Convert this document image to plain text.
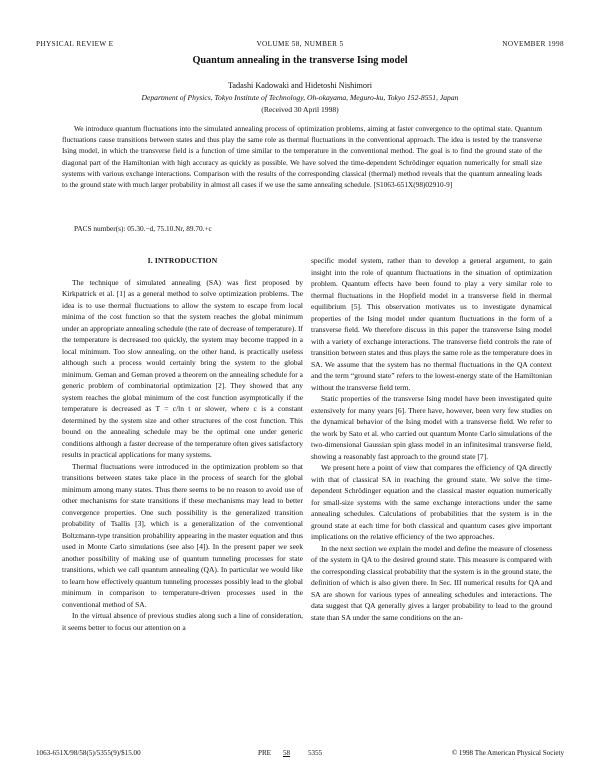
PHYSICAL REVIEW E	VOLUME 58, NUMBER 5	NOVEMBER 1998
Quantum annealing in the transverse Ising model
Tadashi Kadowaki and Hidetoshi Nishimori
Department of Physics, Tokyo Institute of Technology, Oh-okayama, Meguro-ku, Tokyo 152-8551, Japan
(Received 30 April 1998)
We introduce quantum fluctuations into the simulated annealing process of optimization problems, aiming at faster convergence to the optimal state. Quantum fluctuations cause transitions between states and thus play the same role as thermal fluctuations in the conventional approach. The idea is tested by the transverse Ising model, in which the transverse field is a function of time similar to the temperature in the conventional method. The goal is to find the ground state of the diagonal part of the Hamiltonian with high accuracy as quickly as possible. We have solved the time-dependent Schrödinger equation numerically for small size systems with various exchange interactions. Comparison with the results of the corresponding classical (thermal) method reveals that the quantum annealing leads to the ground state with much larger probability in almost all cases if we use the same annealing schedule. [S1063-651X(98)02910-9]
PACS number(s): 05.30.−d, 75.10.Nr, 89.70.+c
I. INTRODUCTION

The technique of simulated annealing (SA) was first proposed by Kirkpatrick et al. [1] as a general method to solve optimization problems. The idea is to use thermal fluctuations to allow the system to escape from local minima of the cost function so that the system reaches the global minimum under an appropriate annealing schedule (the rate of decrease of temperature). If the temperature is decreased too quickly, the system may become trapped in a local minimum. Too slow annealing, on the other hand, is practically useless although such a process would certainly bring the system to the global minimum. Geman and Geman proved a theorem on the annealing schedule for a generic problem of combinatorial optimization [2]. They showed that any system reaches the global minimum of the cost function asymptotically if the temperature is decreased as T = c/ln t or slower, where c is a constant determined by the system size and other structures of the cost function. This bound on the annealing schedule may be the optimal one under generic conditions although a faster decrease of the temperature often gives satisfactory results in practical applications for many systems.

Thermal fluctuations were introduced in the optimization problem so that transitions between states take place in the process of search for the global minimum among many states. Thus there seems to be no reason to avoid use of other mechanisms for state transitions if these mechanisms may lead to better convergence properties. One such possibility is the generalized transition probability of Tsallis [3], which is a generalization of the conventional Boltzmann-type transition probability appearing in the master equation and thus used in Monte Carlo simulations (see also [4]). In the present paper we seek another possibility of making use of quantum tunneling processes for state transitions, which we call quantum annealing (QA). In particular we would like to learn how effectively quantum tunneling processes possibly lead to the global minimum in comparison to temperature-driven processes used in the conventional method of SA.

In the virtual absence of previous studies along such a line of consideration, it seems better to focus our attention on a

specific model system, rather than to develop a general argument, to gain insight into the role of quantum fluctuations in the situation of optimization problem. Quantum effects have been found to play a very similar role to thermal fluctuations in the Hopfield model in a transverse field in thermal equilibrium [5]. This observation motivates us to investigate dynamical properties of the Ising model under quantum fluctuations in the form of a transverse field. We therefore discuss in this paper the transverse Ising model with a variety of exchange interactions. The transverse field controls the rate of transition between states and thus plays the same role as the temperature does in SA. We assume that the system has no thermal fluctuations in the QA context and the term “ground state” refers to the lowest-energy state of the Hamiltonian without the transverse field term.

Static properties of the transverse Ising model have been investigated quite extensively for many years [6]. There have, however, been very few studies on the dynamical behavior of the Ising model with a transverse field. We refer to the work by Sato et al. who carried out quantum Monte Carlo simulations of the two-dimensional Gaussian spin glass model in an infinitesimal transverse field, showing a reasonably fast approach to the ground state [7].

We present here a point of view that compares the efficiency of QA directly with that of classical SA in reaching the ground state. We solve the time-dependent Schrödinger equation and the classical master equation numerically for small-size systems with the same exchange interactions under the same annealing schedules. Calculations of probabilities that the system is in the ground state at each time for both classical and quantum cases give important implications on the relative efficiency of the two approaches.

In the next section we explain the model and define the measure of closeness of the system in QA to the desired ground state. This measure is compared with the corresponding classical probability that the system is in the ground state, the definition of which is also given there. In Sec. III numerical results for QA and SA are shown for various types of annealing schedules and interactions. The data suggest that QA generally gives a larger probability to lead to the ground state than SA under the same conditions on the an-

1063-651X/98/58(5)/5355(9)/$15.00	PRE 58	5355	© 1998 The American Physical Society
